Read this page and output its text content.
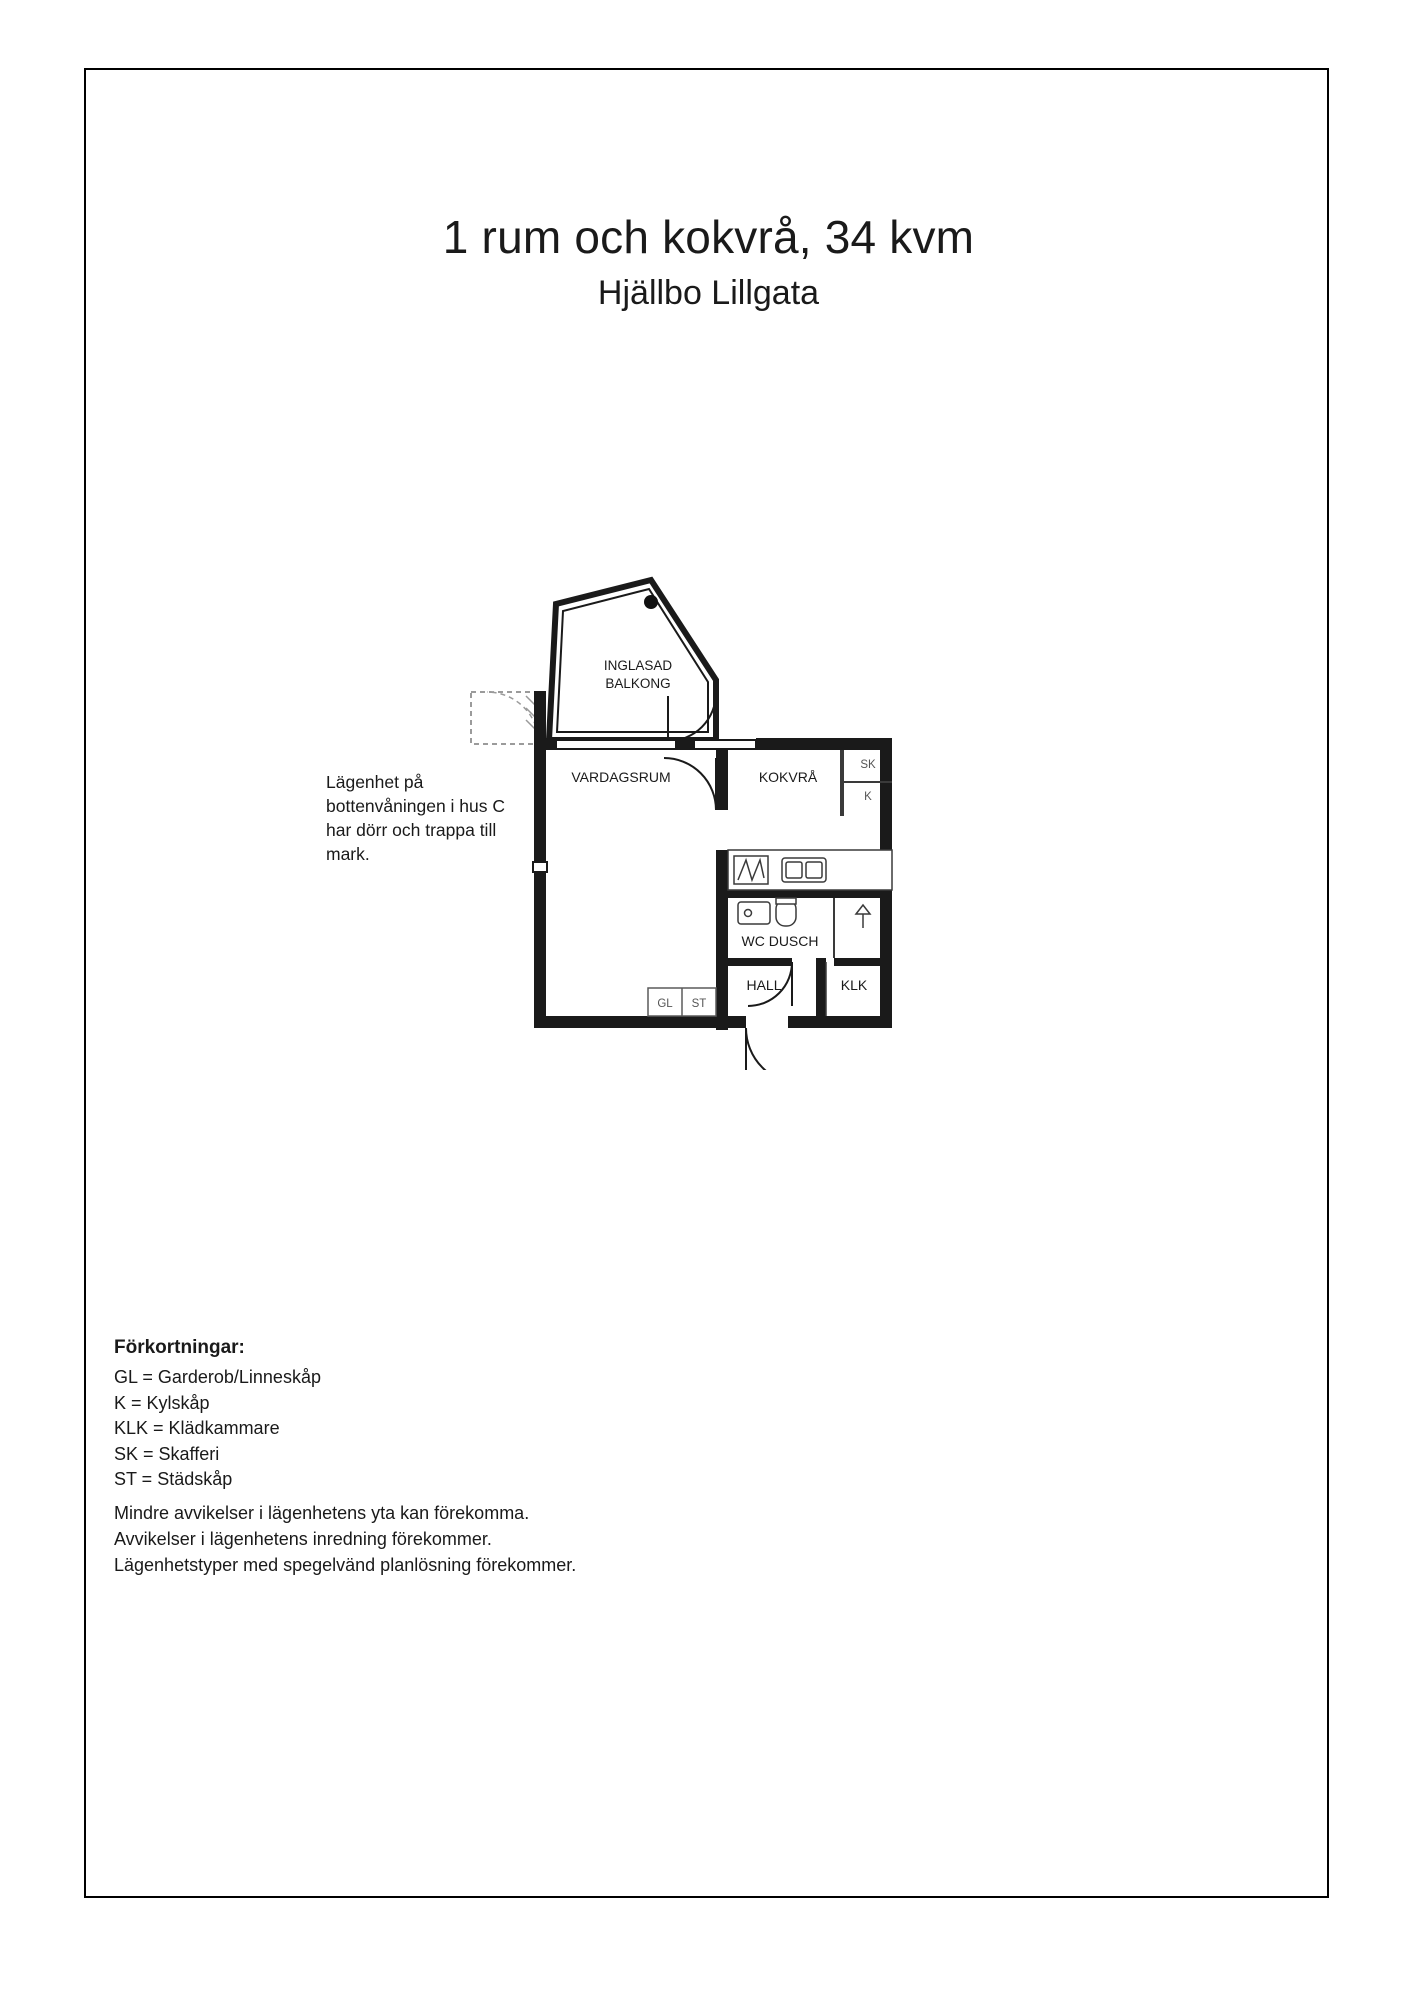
1 rum och kokvrå, 34 kvm
Hjällbo Lillgata
Lägenhet på bottenvåningen i hus C har dörr och trappa till mark.
INGLASAD
BALKONG
VARDAGSRUM	KOKVRÅ
WC DUSCH
HALL	KLK
SK
K
GL ST
Förkortningar:
GL = Garderob/Linneskåp
K = Kylskåp
KLK = Klädkammare
SK = Skafferi
ST = Städskåp
Mindre avvikelser i lägenhetens yta kan förekomma.
Avvikelser i lägenhetens inredning förekommer.
Lägenhetstyper med spegelvänd planlösning förekommer.
